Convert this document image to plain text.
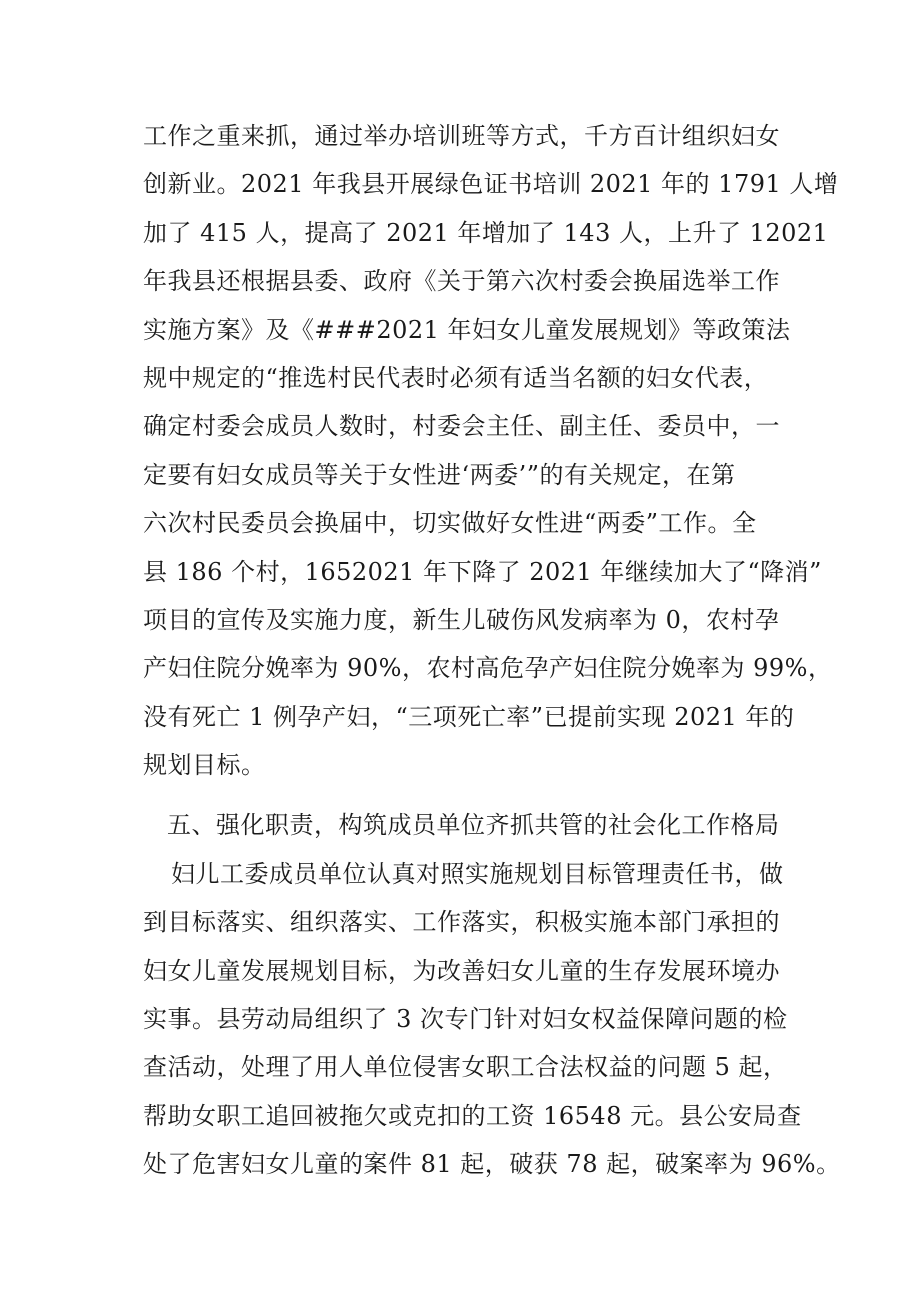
工作之重来抓，通过举办培训班等方式，千方百计组织妇女
创新业。2021 年我县开展绿色证书培训 2021 年的 1791 人增
加了 415 人，提高了 2021 年增加了 143 人，上升了 12021
年我县还根据县委、政府《关于第六次村委会换届选举工作
实施方案》及《###2021 年妇女儿童发展规划》等政策法
规中规定的“推选村民代表时必须有适当名额的妇女代表，
确定村委会成员人数时，村委会主任、副主任、委员中，一
定要有妇女成员等关于女性进‘两委’”的有关规定，在第
六次村民委员会换届中，切实做好女性进“两委”工作。全
县 186 个村，1652021 年下降了 2021 年继续加大了“降消”
项目的宣传及实施力度，新生儿破伤风发病率为 0，农村孕
产妇住院分娩率为 90%，农村高危孕产妇住院分娩率为 99%，
没有死亡 1 例孕产妇，“三项死亡率”已提前实现 2021 年的
规划目标。
五、强化职责，构筑成员单位齐抓共管的社会化工作格局
妇儿工委成员单位认真对照实施规划目标管理责任书，做
到目标落实、组织落实、工作落实，积极实施本部门承担的
妇女儿童发展规划目标，为改善妇女儿童的生存发展环境办
实事。县劳动局组织了 3 次专门针对妇女权益保障问题的检
查活动，处理了用人单位侵害女职工合法权益的问题 5 起，
帮助女职工追回被拖欠或克扣的工资 16548 元。县公安局查
处了危害妇女儿童的案件 81 起，破获 78 起，破案率为 96%。
